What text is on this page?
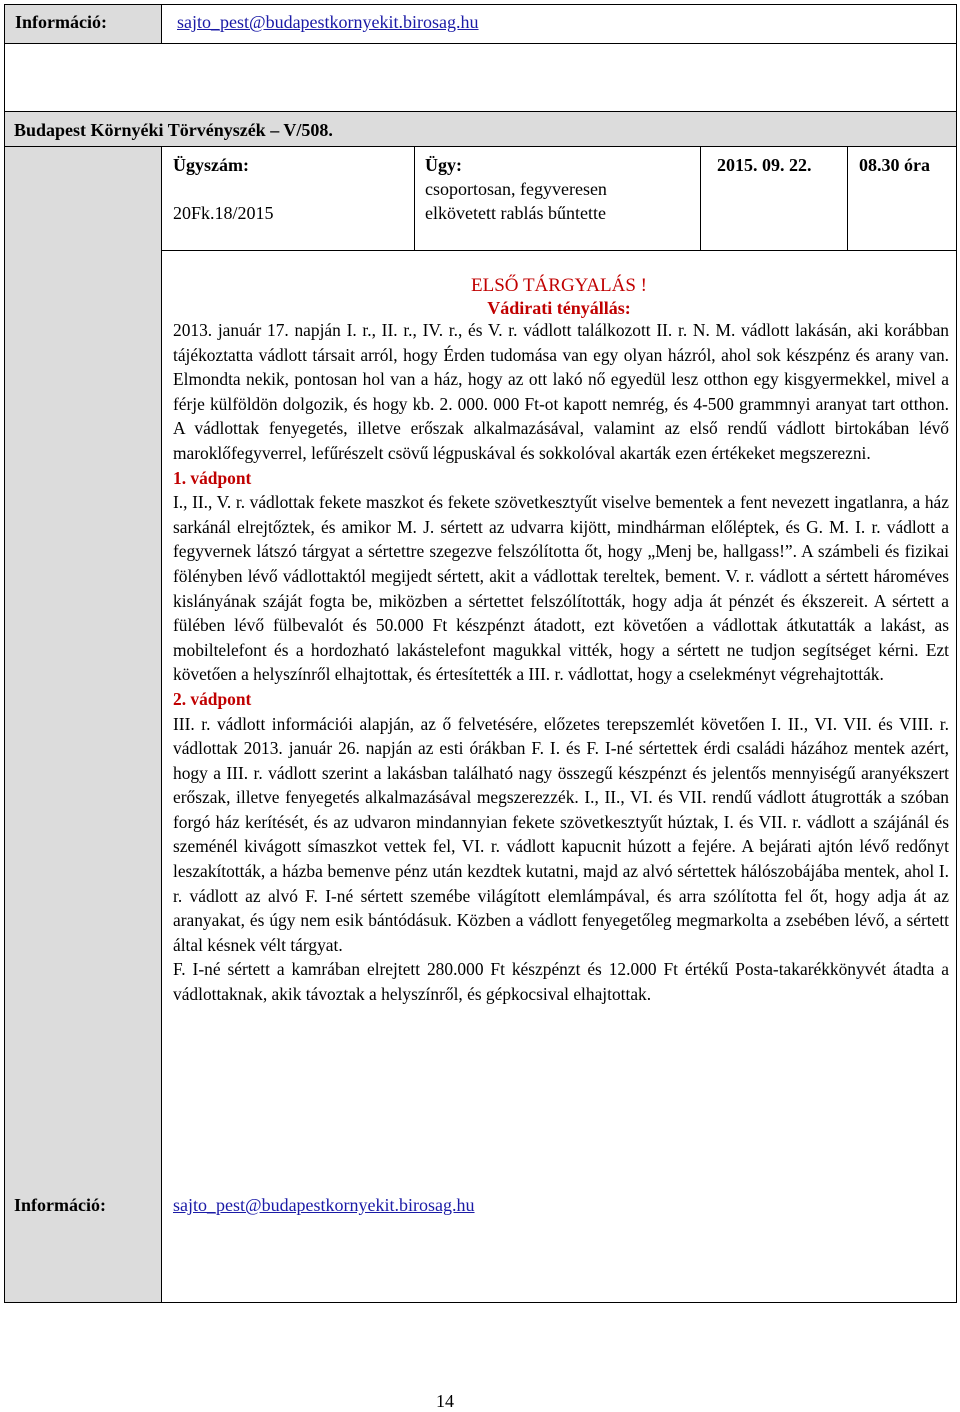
Információ:	sajto_pest@budapestkornyekit.birosag.hu
Budapest Környéki Törvényszék – V/508.
Ügyszám:
20Fk.18/2015
Ügy:
csoportosan, fegyveresen
elkövetett rablás bűntette
2015. 09. 22.	08.30 óra
ELSŐ TÁRGYALÁS !
Vádirati tényállás:

2013. január 17. napján I. r., II. r., IV. r., és V. r. vádlott találkozott II. r. N. M. vádlott lakásán, aki korábban tájékoztatta vádlott társait arról, hogy Érden tudomása van egy olyan házról, ahol sok készpénz és arany van. Elmondta nekik, pontosan hol van a ház, hogy az ott lakó nő egyedül lesz otthon egy kisgyermekkel, mivel a férje külföldön dolgozik, és hogy kb. 2. 000. 000 Ft-ot kapott nemrég, és 4-500 grammnyi aranyat tart otthon. A vádlottak fenyegetés, illetve erőszak alkalmazásával, valamint az első rendű vádlott birtokában lévő maroklőfegyverrel, lefűrészelt csövű légpuskával és sokkolóval akarták ezen értékeket megszerezni.

1. vádpont

I., II., V. r. vádlottak fekete maszkot és fekete szövetkesztyűt viselve bementek a fent nevezett ingatlanra, a ház sarkánál elrejtőztek, és amikor M. J. sértett az udvarra kijött, mindhárman előléptek, és G. M. I. r. vádlott a fegyvernek látszó tárgyat a sértettre szegezve felszólította őt, hogy „Menj be, hallgass!”. A számbeli és fizikai fölényben lévő vádlottaktól megijedt sértett, akit a vádlottak tereltek, bement. V. r. vádlott a sértett hároméves kislányának száját fogta be, miközben a sértettet felszólították, hogy adja át pénzét és ékszereit. A sértett a fülében lévő fülbevalót és 50.000 Ft készpénzt átadott, ezt követően a vádlottak átkutatták a lakást, as mobiltelefont és a hordozható lakástelefont magukkal vitték, hogy a sértett ne tudjon segítséget kérni. Ezt követően a helyszínről elhajtottak, és értesítették a III. r. vádlottat, hogy a cselekményt végrehajtották.

2. vádpont

III. r. vádlott információi alapján, az ő felvetésére, előzetes terepszemlét követően I. II., VI. VII. és VIII. r. vádlottak 2013. január 26. napján az esti órákban F. I. és F. I-né sértettek érdi családi házához mentek azért, hogy a III. r. vádlott szerint a lakásban található nagy összegű készpénzt és jelentős mennyiségű aranyékszert erőszak, illetve fenyegetés alkalmazásával megszerezzék. I., II., VI. és VII. rendű vádlott átugrották a szóban forgó ház kerítését, és az udvaron mindannyian fekete szövetkesztyűt húztak, I. és VII. r. vádlott a szájánál és szeménél kivágott símaszkot vettek fel, VI. r. vádlott kapucnit húzott a fejére. A bejárati ajtón lévő redőnyt leszakították, a házba bemenve pénz után kezdtek kutatni, majd az alvó sértettek hálószobájába mentek, ahol I. r. vádlott az alvó F. I-né sértett szemébe világított elemlámpával, és arra szólította fel őt, hogy adja át az aranyakat, és úgy nem esik bántódásuk. Közben a vádlott fenyegetőleg megmarkolta a zsebében lévő, a sértett által késnek vélt tárgyat.

F. I-né sértett a kamrában elrejtett 280.000 Ft készpénzt és 12.000 Ft értékű Posta-takarékkönyvét átadta a vádlottaknak, akik távoztak a helyszínről, és gépkocsival elhajtottak.

Információ:	sajto_pest@budapestkornyekit.birosag.hu
14
